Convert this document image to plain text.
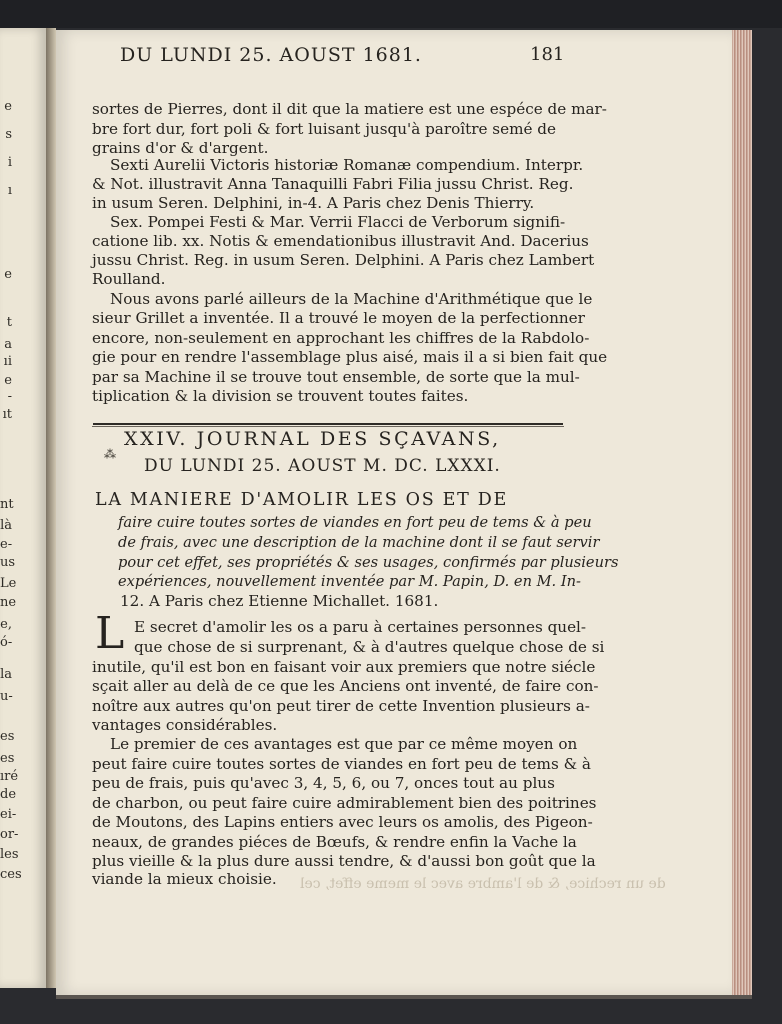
e
s
i
ı
e
t
a
ıi
e
-
ıt
nt
là
e-
us
Le
ne
e,
ó-
la
u-
es
es
ıré
de
ei-
or-
les
ces
DU LUNDI 25. AOUST 1681.	181
sortes de Pierres, dont il dit que la matiere est une espéce de mar-
bre fort dur, fort poli & fort luisant jusqu'à paroître semé de
grains d'or & d'argent.
Sexti Aurelii Victoris historiæ Romanæ compendium. Interpr.
& Not. illustravit Anna Tanaquilli Fabri Filia jussu Christ. Reg.
in usum Seren. Delphini, in-4. A Paris chez Denis Thierry.
Sex. Pompei Festi & Mar. Verrii Flacci de Verborum signifi-
catione lib. xx. Notis & emendationibus illustravit And. Dacerius
jussu Christ. Reg. in usum Seren. Delphini. A Paris chez Lambert
Roulland.
Nous avons parlé ailleurs de la Machine d'Arithmétique que le
sieur Grillet a inventée. Il a trouvé le moyen de la perfectionner
encore, non-seulement en approchant les chiffres de la Rabdolo-
gie pour en rendre l'assemblage plus aisé, mais il a si bien fait que
par sa Machine il se trouve tout ensemble, de sorte que la mul-
tiplication & la division se trouvent toutes faites.
XXIV. JOURNAL DES SÇAVANS,
⁂
DU LUNDI 25. AOUST M. DC. LXXXI.
LA MANIERE D'AMOLIR LES OS ET DE
faire cuire toutes sortes de viandes en fort peu de tems & à peu
de frais, avec une description de la machine dont il se faut servir
pour cet effet, ses propriétés & ses usages, confirmés par plusieurs
expériences, nouvellement inventée par M. Papin, D. en M. In-
12. A Paris chez Etienne Michallet. 1681.
L E secret d'amolir les os a paru à certaines personnes quel-
que chose de si surprenant, & à d'autres quelque chose de si
inutile, qu'il est bon en faisant voir aux premiers que notre siécle
sçait aller au delà de ce que les Anciens ont inventé, de faire con-
noître aux autres qu'on peut tirer de cette Invention plusieurs a-
vantages considérables.
Le premier de ces avantages est que par ce même moyen on
peut faire cuire toutes sortes de viandes en fort peu de tems & à
peu de frais, puis qu'avec 3, 4, 5, 6, ou 7, onces tout au plus
de charbon, ou peut faire cuire admirablement bien des poitrines
de Moutons, des Lapins entiers avec leurs os amolis, des Pigeon-
neaux, de grandes piéces de Bœufs, & rendre enfin la Vache la
plus vieille & la plus dure aussi tendre, & d'aussi bon goût que la
viande la mieux choisie. de un rechice, & de l'ambre avec le meme effet, cel
